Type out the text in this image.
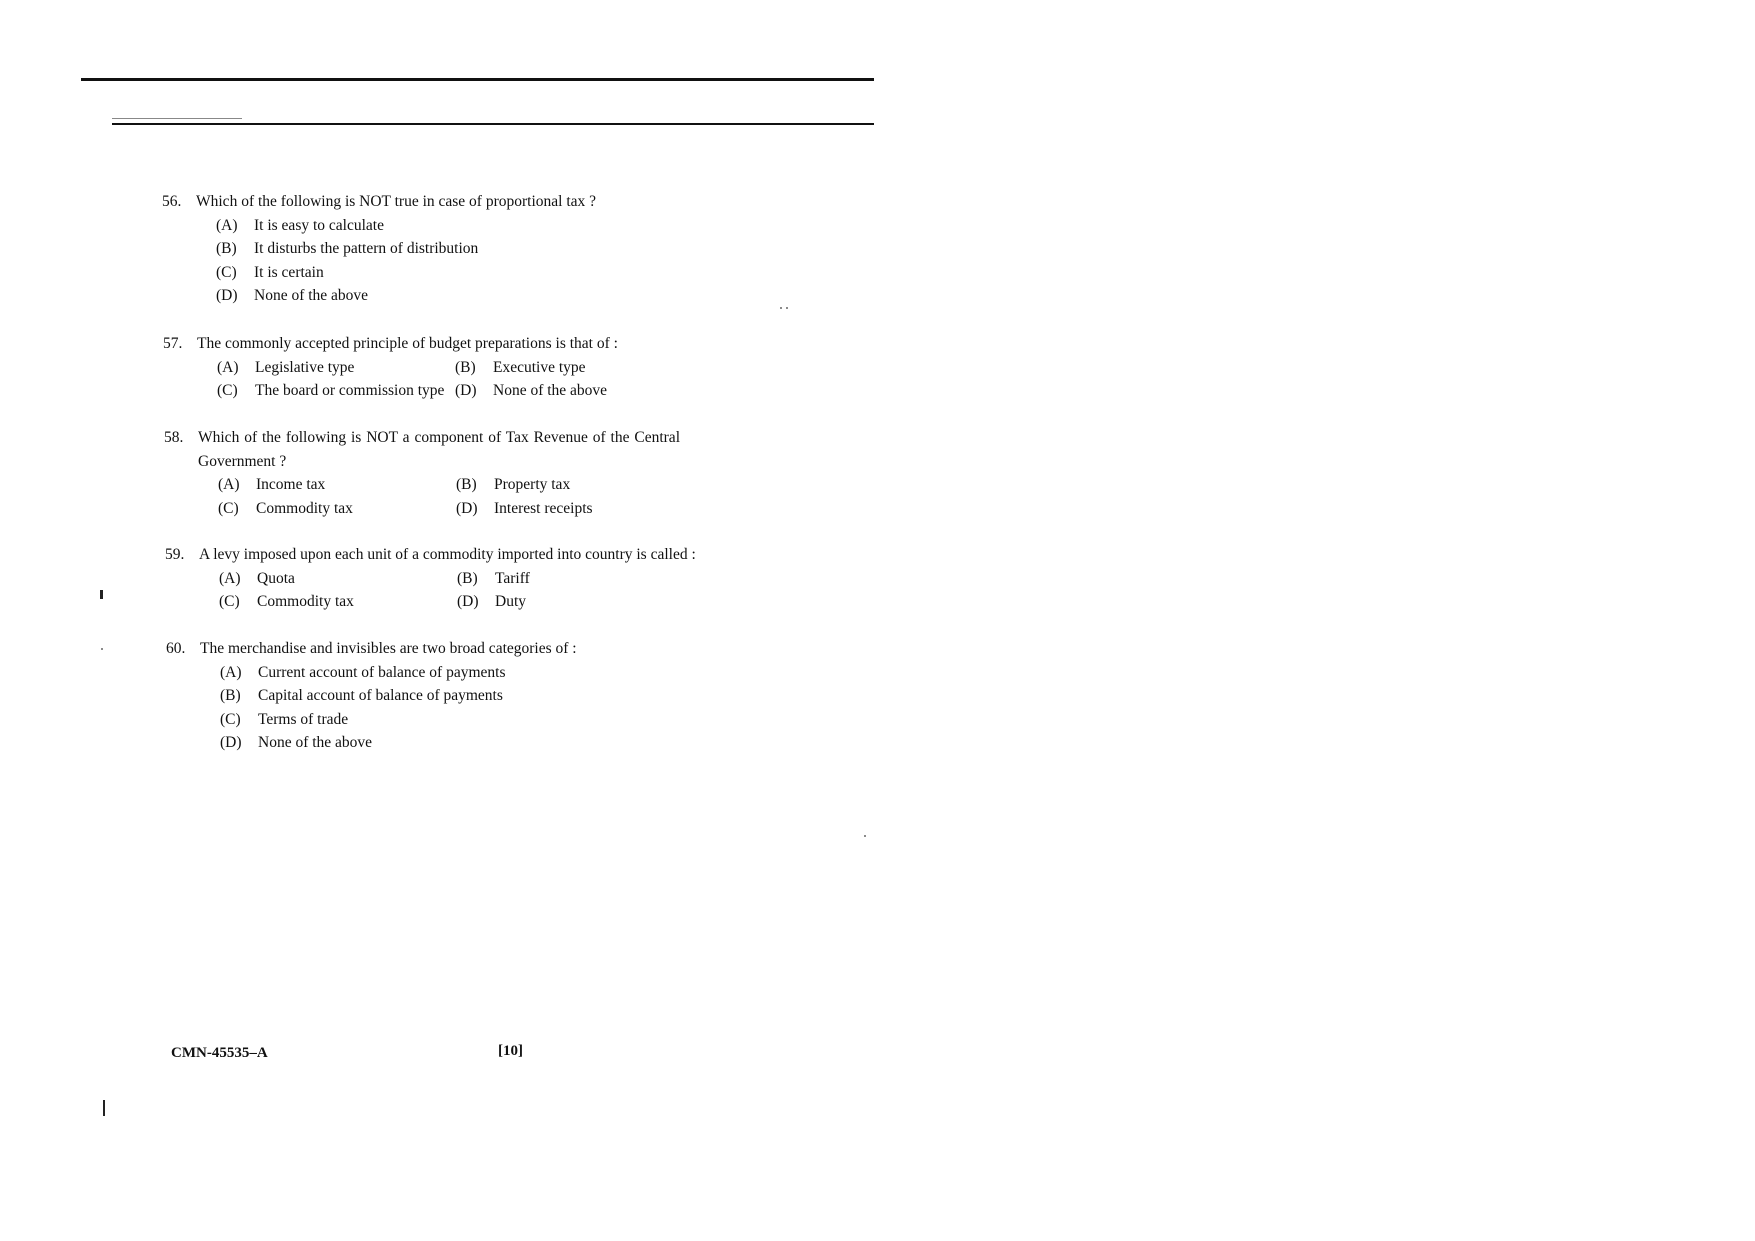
56. Which of the following is NOT true in case of proportional tax ?
(A)	It is easy to calculate
(B)	It disturbs the pattern of distribution
(C)	It is certain
(D)	None of the above
57. The commonly accepted principle of budget preparations is that of :
(A)	Legislative type	(B)	Executive type
(C)	The board or commission type (D)	None of the above
58. Which of the following is NOT a component of Tax Revenue of the Central
Government ?
(A)	Income tax	(B)	Property tax
(C)	Commodity tax	(D)	Interest receipts
59. A levy imposed upon each unit of a commodity imported into country is called :
(A)	Quota	(B)	Tariff
(C)	Commodity tax	(D)	Duty
60. The merchandise and invisibles are two broad categories of :
(A)	Current account of balance of payments
(B)	Capital account of balance of payments
(C)	Terms of trade
(D)	None of the above
CMN-45535–A	[10]
